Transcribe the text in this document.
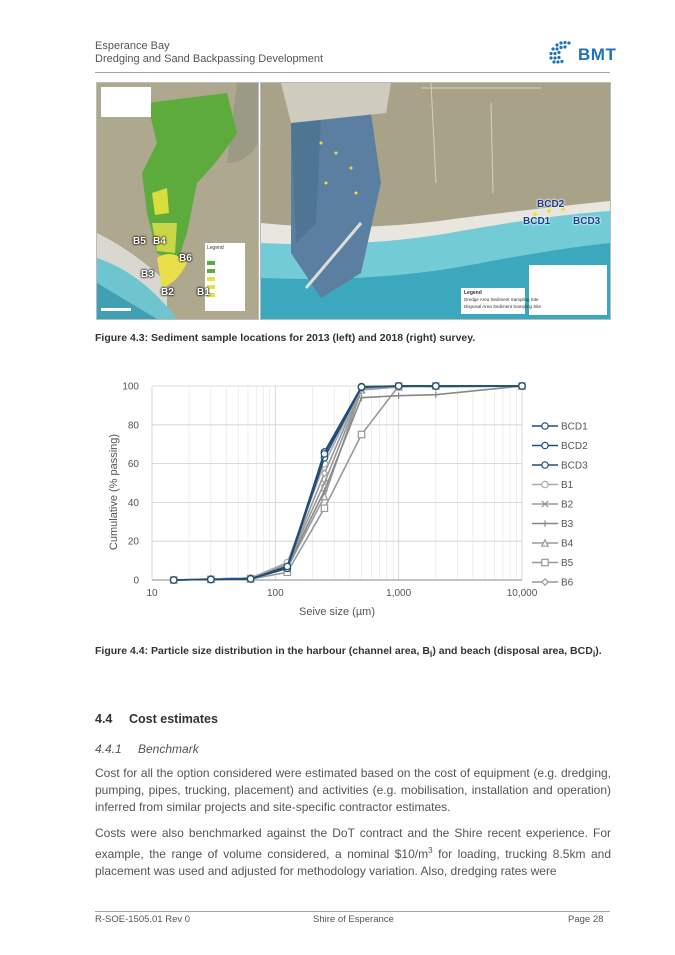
Esperance Bay
Dredging and Sand Backpassing Development	BMT
B5 B4
B6
B3
B2 B1
Legend
BCD2
BCD1 BCD3
Legend
Dredge Area Sediment Sampling Site
Disposal Area Sediment Sampling Site
Figure 4.3: Sediment sample locations for 2013 (left) and 2018 (right) survey.
10	100	1,000	10,000
0
20
40
60
80
100
BCD1
BCD2
BCD3
B1
B2
B3
B4
B5
B6
Cumulative (% passing)
Seive size (µm)
Figure 4.4: Particle size distribution in the harbour (channel area, $B_i$) and beach (disposal area, $BCD_i$).
4.4 Cost estimates
4.4.1 Benchmark
Cost for all the option considered were estimated based on the cost of equipment (e.g. dredging, pumping, pipes, trucking, placement) and activities (e.g. mobilisation, installation and operation) inferred from similar projects and site-specific contractor estimates.
Costs were also benchmarked against the DoT contract and the Shire recent experience. For example, the range of volume considered, a nominal $\$10/m^3$ for loading, trucking 8.5km and placement was used and adjusted for methodology variation. Also, dredging rates were
R-SOE-1505.01 Rev 0	Shire of Esperance	Page 28
